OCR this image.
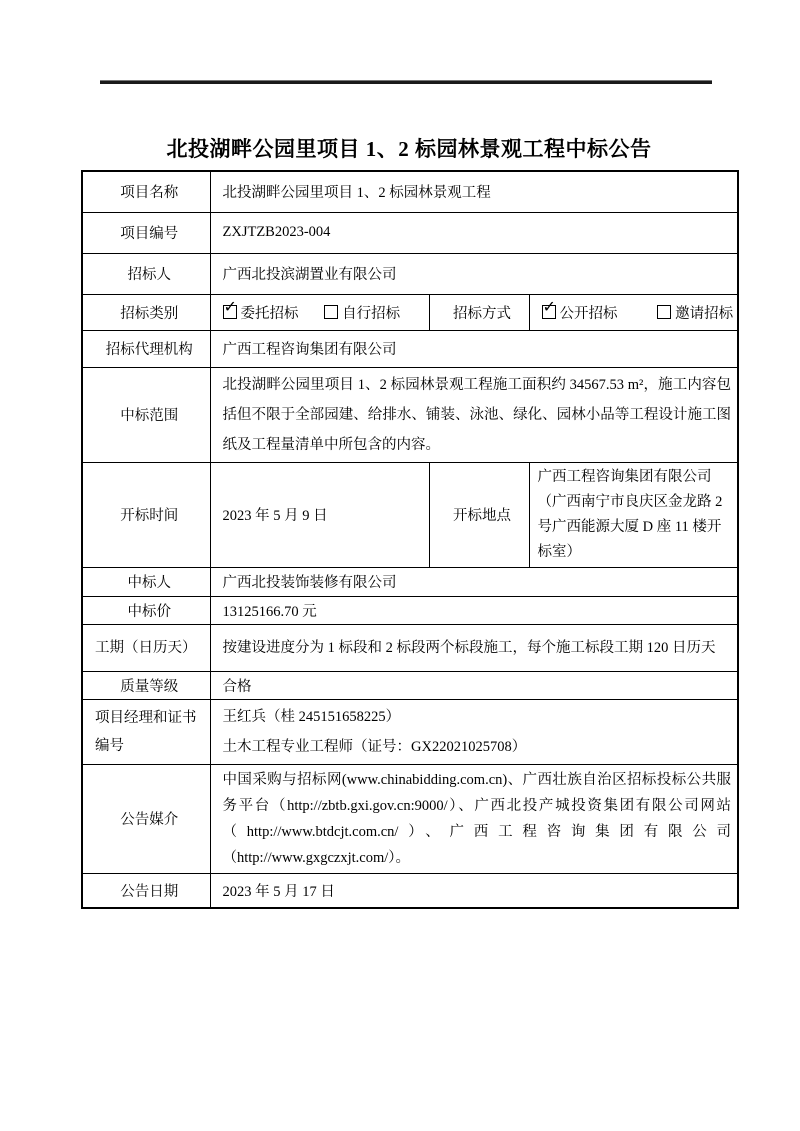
北投湖畔公园里项目 1、2 标园林景观工程中标公告
项目名称	北投湖畔公园里项目 1、2 标园林景观工程		
项目编号	ZXJTZB2023-004		
招标人	广西北投滨湖置业有限公司		
招标类别	✓ 委托招标 自行招标	招标方式	✓ 公开招标 邀请招标
招标代理机构	广西工程咨询集团有限公司		
中标范围	北投湖畔公园里项目 1、2 标园林景观工程施工面积约 34567.53 m²，施工内容包括但不限于全部园建、给排水、铺装、泳池、绿化、园林小品等工程设计施工图纸及工程量清单中所包含的内容。		
开标时间	2023 年 5 月 9 日	开标地点	广西工程咨询集团有限公司（广西南宁市良庆区金龙路 2 号广西能源大厦 D 座 11 楼开标室）
中标人	广西北投装饰装修有限公司		
中标价	13125166.70 元		
工期（日历天）	按建设进度分为 1 标段和 2 标段两个标段施工，每个施工标段工期 120 日历天		
质量等级	合格		
项目经理和证书编号	王红兵（桂 245151658225）
土木工程专业工程师（证号：GX22021025708）		

公告媒介	中国采购与招标网(www.chinabidding.com.cn)、广西壮族自治区招标投标公共服务平台（http://zbtb.gxi.gov.cn:9000/）、广西北投产城投资集团有限公司网站（http://www.btdcjt.com.cn/）、广西工程咨询集团有限公司（http://www.gxgczxjt.com/）。		
公告日期	2023 年 5 月 17 日		
